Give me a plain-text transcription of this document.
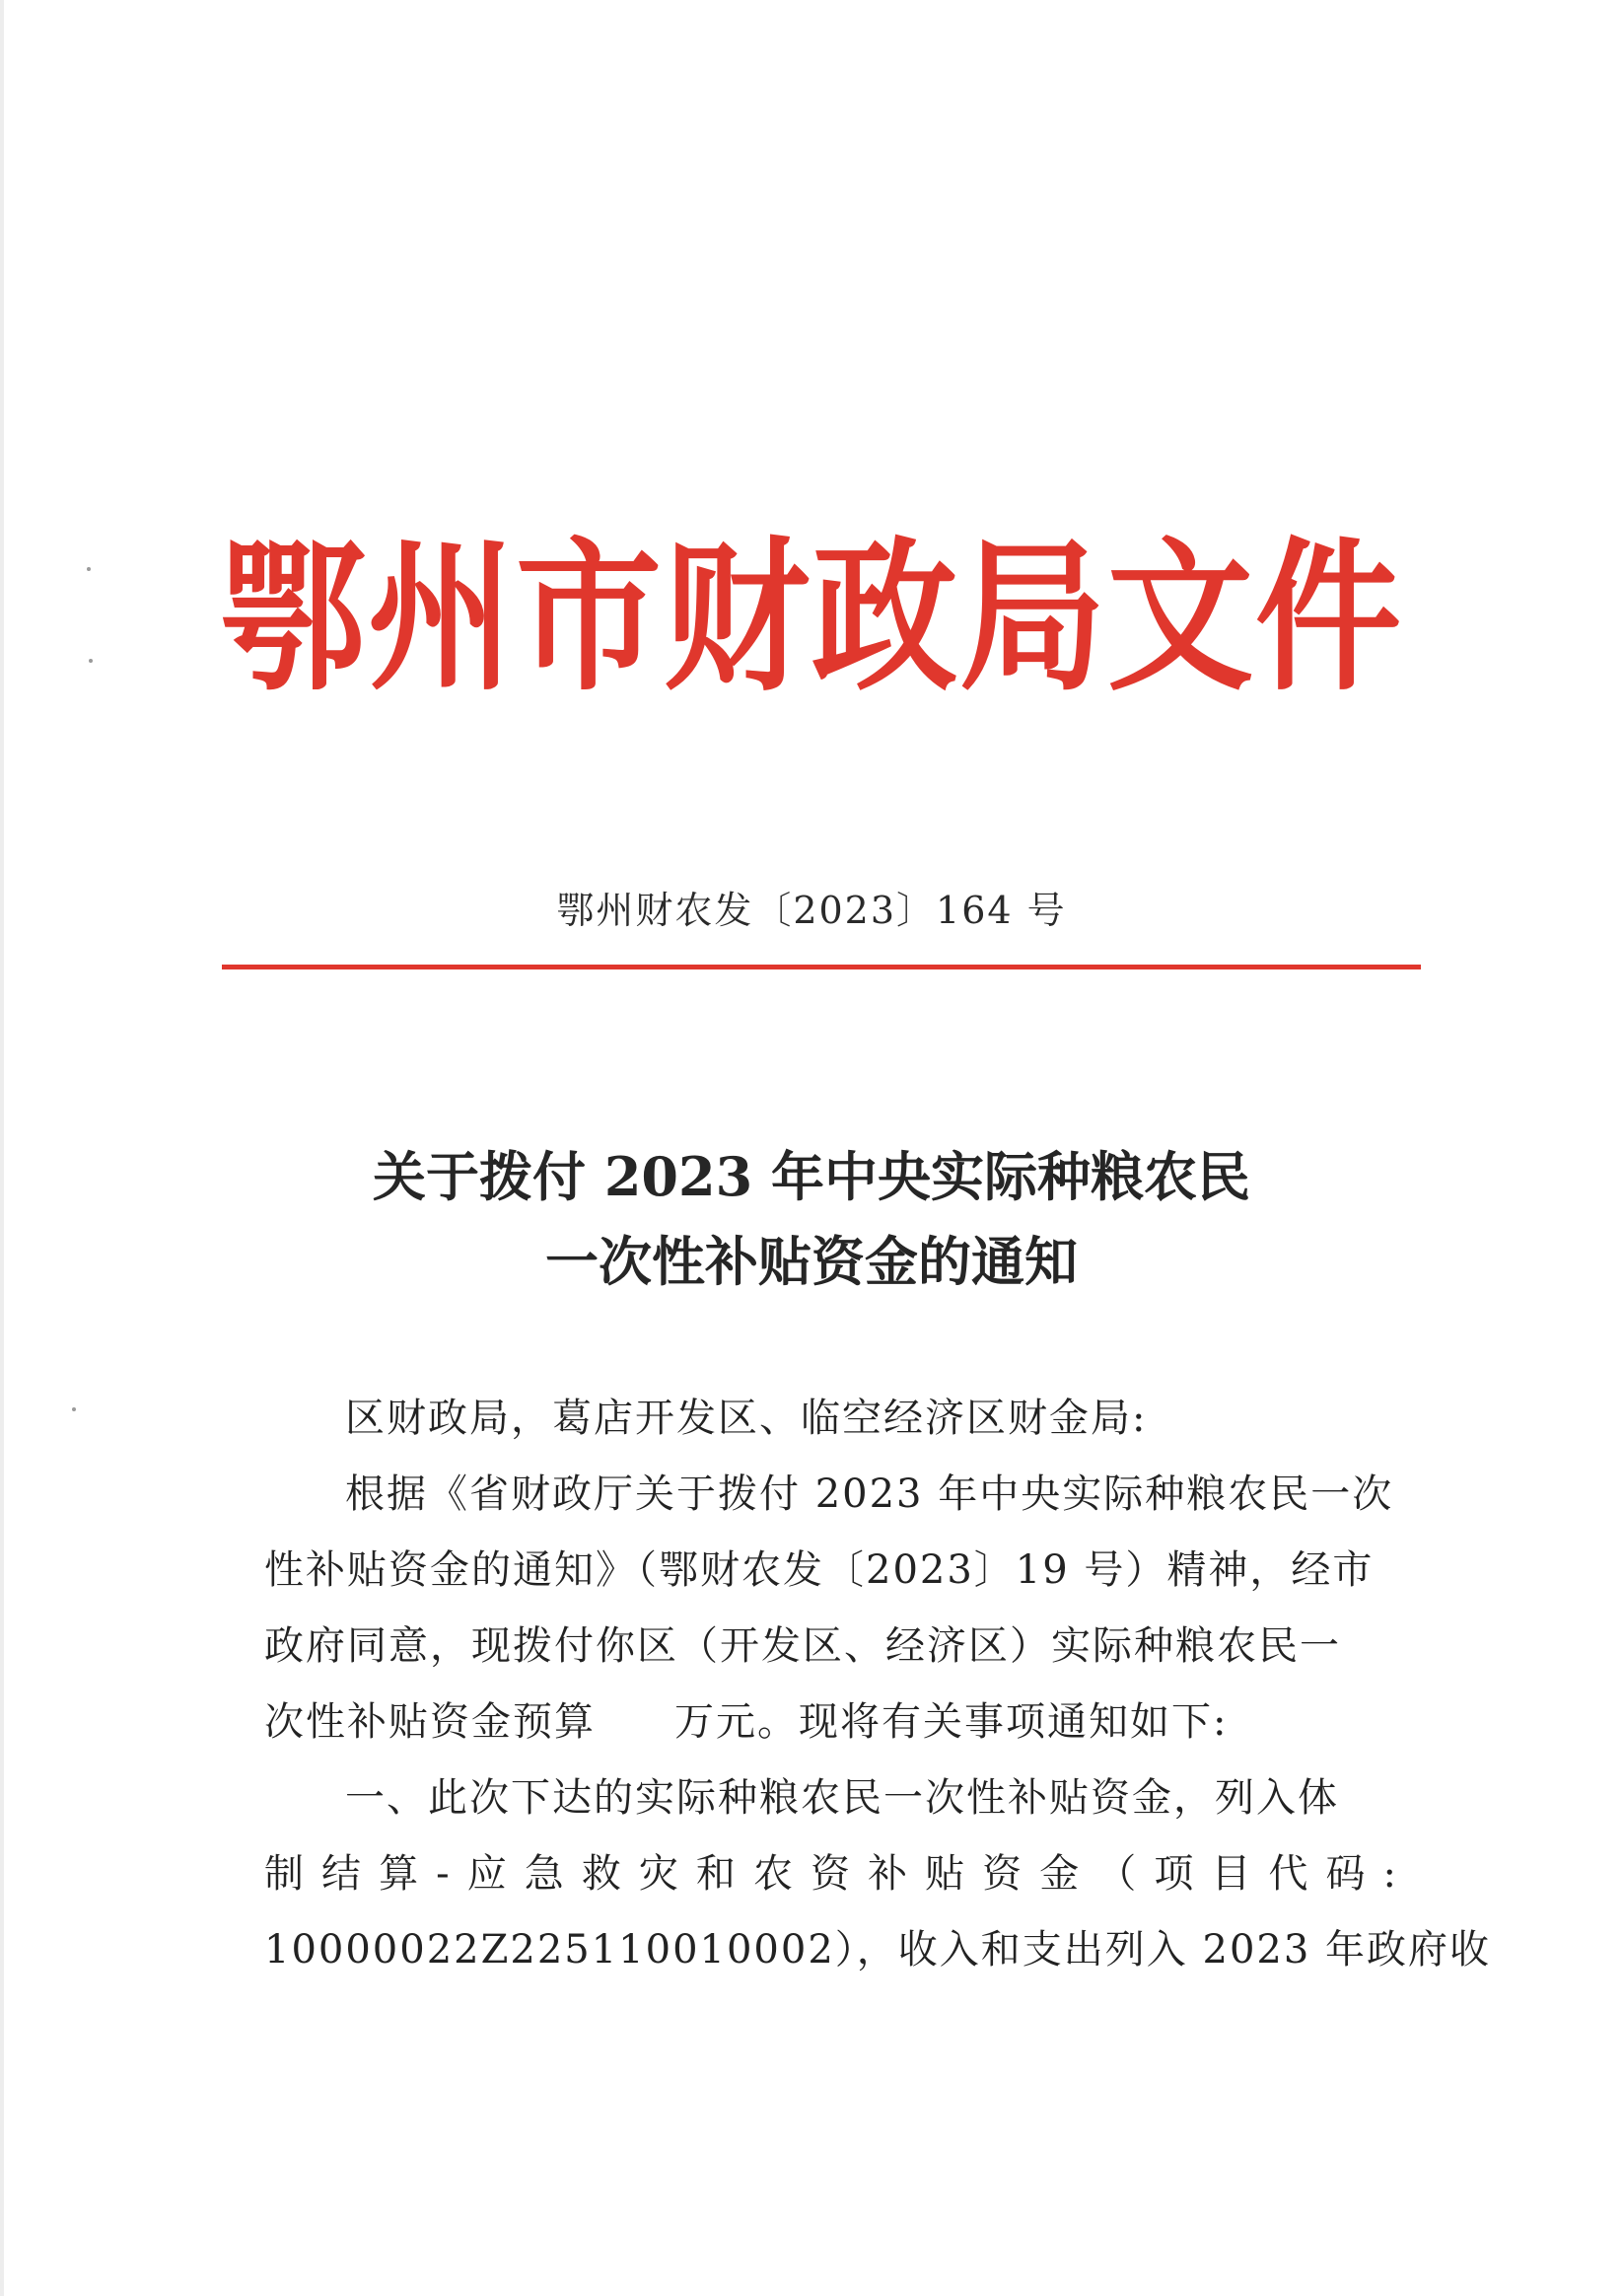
鄂州市财政局文件
鄂州财农发〔2023〕164 号
关于拨付 2023 年中央实际种粮农民
一次性补贴资金的通知
区财政局，葛店开发区、临空经济区财金局:
根据《省财政厅关于拨付 2023 年中央实际种粮农民一次
性补贴资金的通知》（鄂财农发〔2023〕19 号）精神，经市
政府同意，现拨付你区（开发区、经济区）实际种粮农民一
次性补贴资金预算 万元。现将有关事项通知如下:
一、此次下达的实际种粮农民一次性补贴资金，列入体
制结算-应急救灾和农资补贴资金（项目代码:
10000022Z225110010002），收入和支出列入 2023 年政府收
